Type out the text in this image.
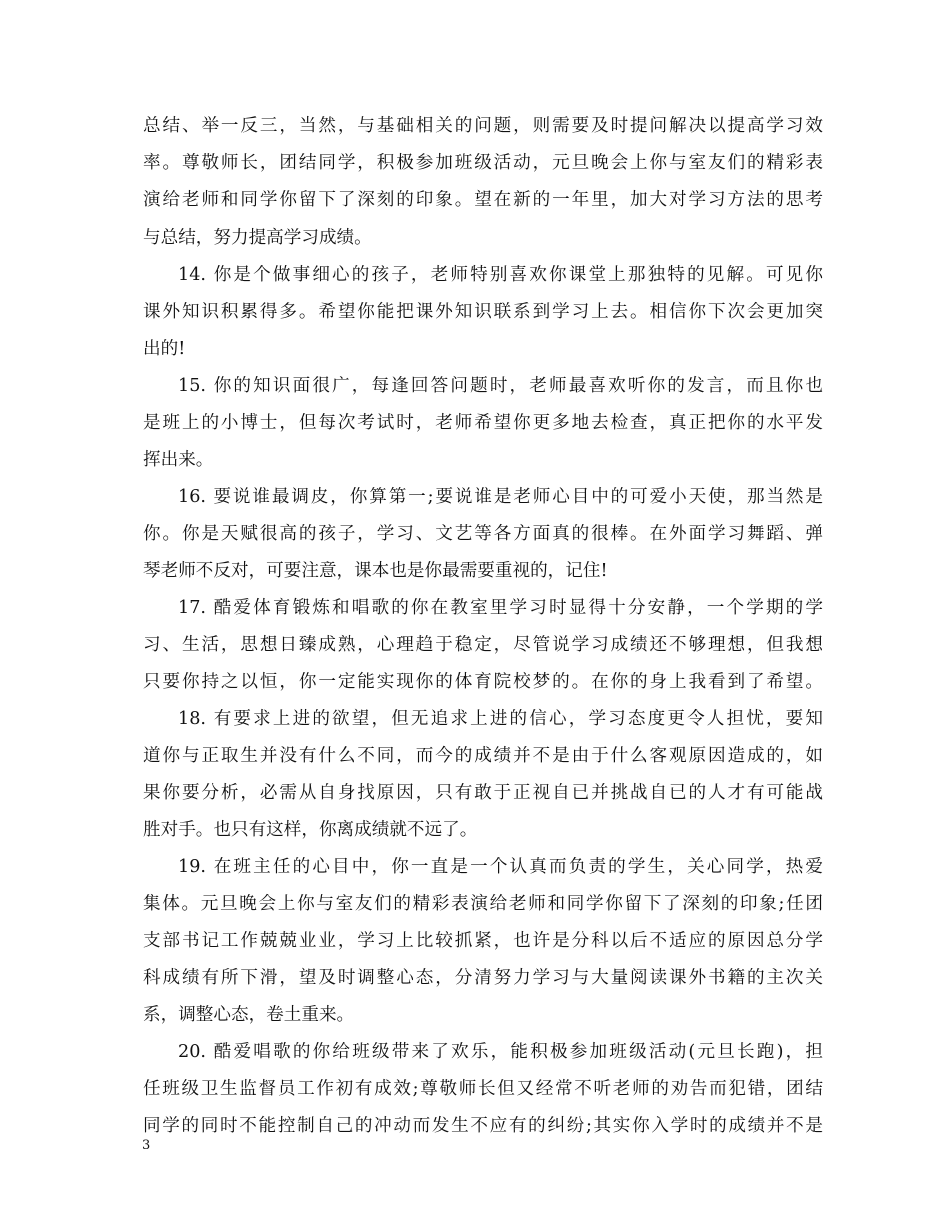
总结、举一反三，当然，与基础相关的问题，则需要及时提问解决以提高学习效
率。尊敬师长，团结同学，积极参加班级活动，元旦晚会上你与室友们的精彩表
演给老师和同学你留下了深刻的印象。望在新的一年里，加大对学习方法的思考
与总结，努力提高学习成绩。
14. 你是个做事细心的孩子，老师特别喜欢你课堂上那独特的见解。可见你
课外知识积累得多。希望你能把课外知识联系到学习上去。相信你下次会更加突
出的!
15. 你的知识面很广，每逢回答问题时，老师最喜欢听你的发言，而且你也
是班上的小博士，但每次考试时，老师希望你更多地去检查，真正把你的水平发
挥出来。
16. 要说谁最调皮，你算第一;要说谁是老师心目中的可爱小天使，那当然是
你。你是天赋很高的孩子，学习、文艺等各方面真的很棒。在外面学习舞蹈、弹
琴老师不反对，可要注意，课本也是你最需要重视的，记住!
17. 酷爱体育锻炼和唱歌的你在教室里学习时显得十分安静，一个学期的学
习、生活，思想日臻成熟，心理趋于稳定，尽管说学习成绩还不够理想，但我想
只要你持之以恒，你一定能实现你的体育院校梦的。在你的身上我看到了希望。
18. 有要求上进的欲望，但无追求上进的信心，学习态度更令人担忧，要知
道你与正取生并没有什么不同，而今的成绩并不是由于什么客观原因造成的，如
果你要分析，必需从自身找原因，只有敢于正视自已并挑战自已的人才有可能战
胜对手。也只有这样，你离成绩就不远了。
19. 在班主任的心目中，你一直是一个认真而负责的学生，关心同学，热爱
集体。元旦晚会上你与室友们的精彩表演给老师和同学你留下了深刻的印象;任团
支部书记工作兢兢业业，学习上比较抓紧，也许是分科以后不适应的原因总分学
科成绩有所下滑，望及时调整心态，分清努力学习与大量阅读课外书籍的主次关
系，调整心态，卷土重来。
20. 酷爱唱歌的你给班级带来了欢乐，能积极参加班级活动(元旦长跑)，担
任班级卫生监督员工作初有成效;尊敬师长但又经常不听老师的劝告而犯错，团结
同学的同时不能控制自己的冲动而发生不应有的纠纷;其实你入学时的成绩并不是
3
